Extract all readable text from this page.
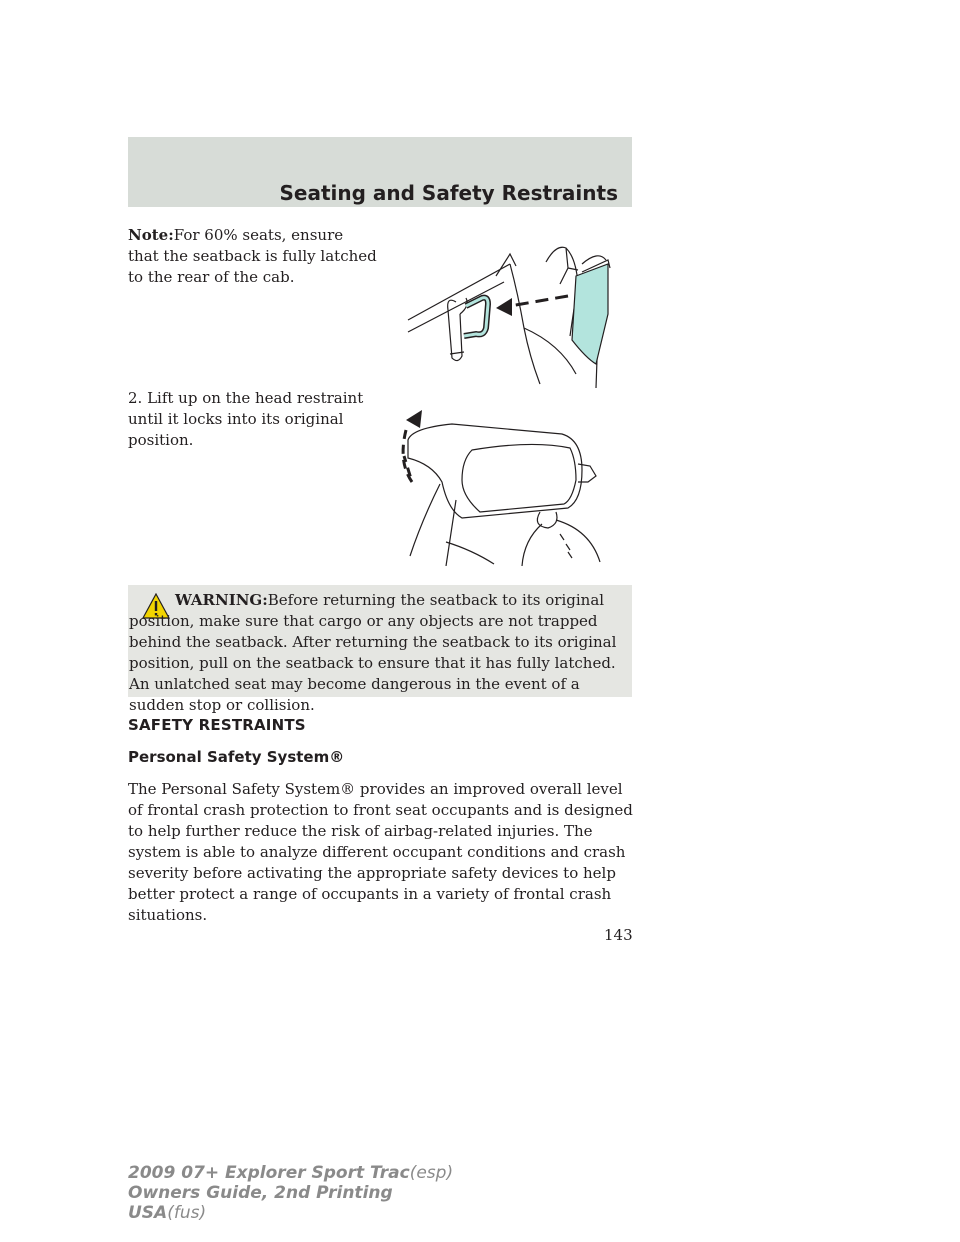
Seating and Safety Restraints
Note:For 60% seats, ensure that the seatback is fully latched to the rear of the cab.
2. Lift up on the head restraint until it locks into its original position.

WARNING:Before returning the seatback to its original position, make sure that cargo or any objects are not trapped behind the seatback. After returning the seatback to its original position, pull on the seatback to ensure that it has fully latched. An unlatched seat may become dangerous in the event of a sudden stop or collision.

SAFETY RESTRAINTS
Personal Safety System®

The Personal Safety System® provides an improved overall level of frontal crash protection to front seat occupants and is designed to help further reduce the risk of airbag-related injuries. The system is able to analyze different occupant conditions and crash severity before activating the appropriate safety devices to help better protect a range of occupants in a variety of frontal crash situations.

143

2009 07+ Explorer Sport Trac(esp)
Owners Guide, 2nd Printing
USA(fus)
